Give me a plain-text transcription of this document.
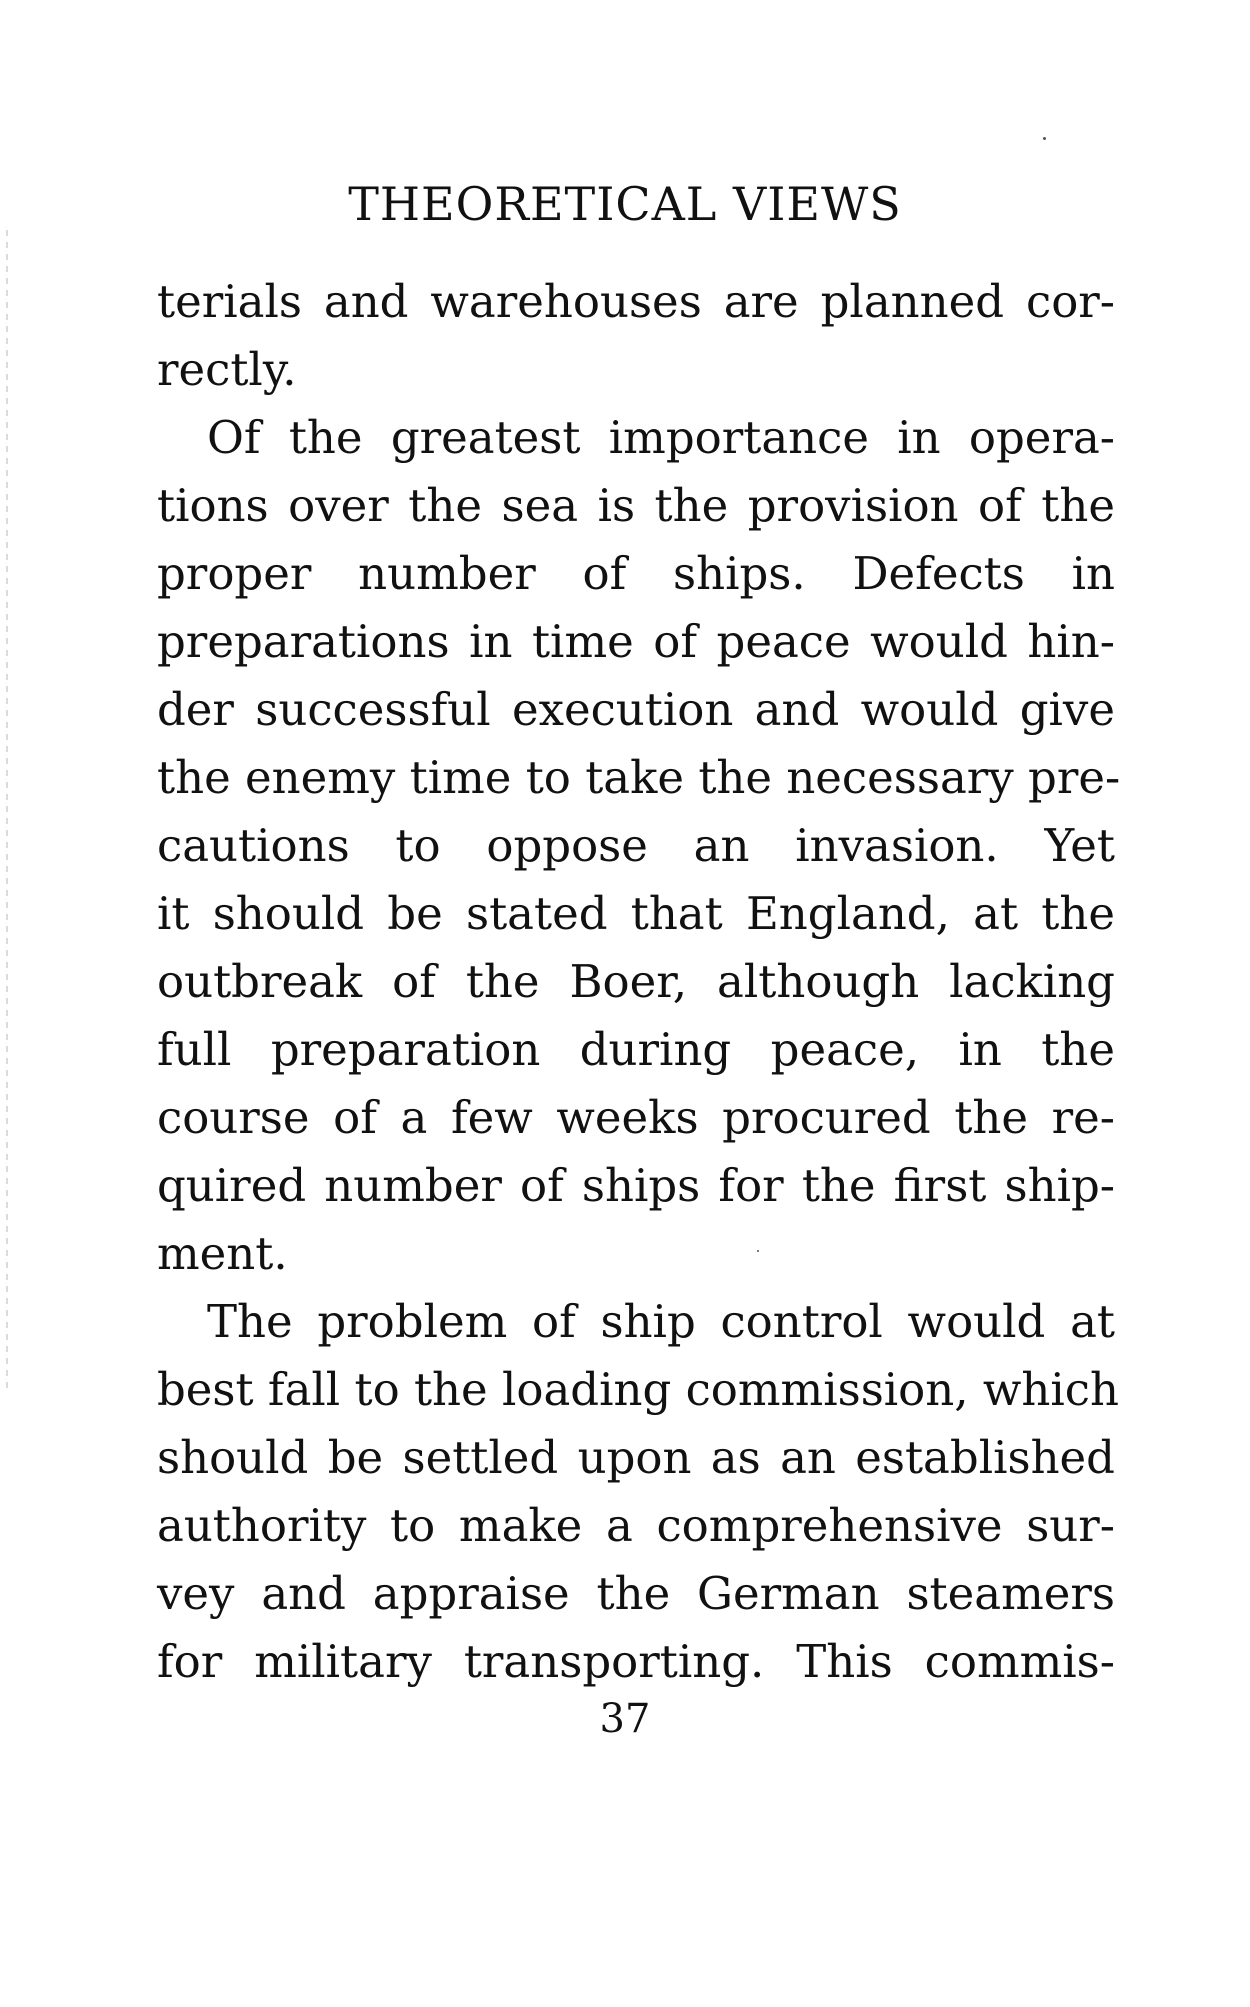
THEORETICAL VIEWS
terials and warehouses are planned cor-
rectly.
Of the greatest importance in opera-
tions over the sea is the provision of the
proper number of ships. Defects in
preparations in time of peace would hin-
der successful execution and would give
the enemy time to take the necessary pre-
cautions to oppose an invasion. Yet
it should be stated that England, at the
outbreak of the Boer, although lacking
full preparation during peace, in the
course of a few weeks procured the re-
quired number of ships for the first ship-
ment.
The problem of ship control would at
best fall to the loading commission, which
should be settled upon as an established
authority to make a comprehensive sur-
vey and appraise the German steamers
for military transporting. This commis-
37
